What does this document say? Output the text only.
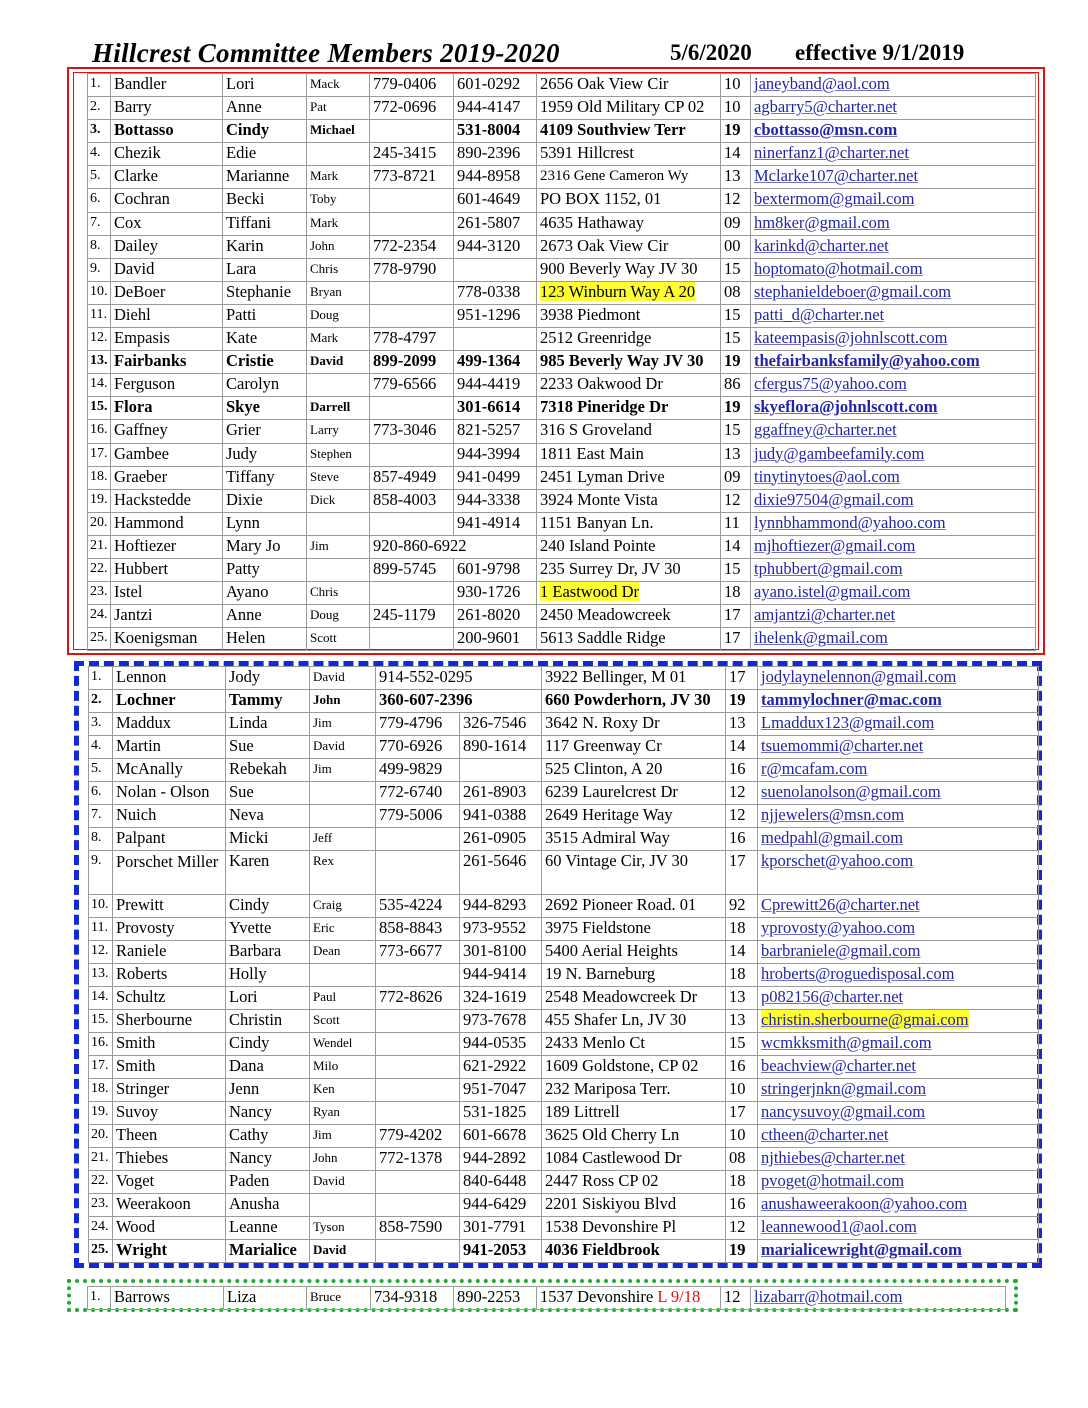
Hillcrest Committee Members 2019-2020	5/6/2020 effective 9/1/2019
1.	Bandler	Lori	Mack	779-0406	601-0292	2656 Oak View Cir	10	janeyband@aol.com
2.	Barry	Anne	Pat	772-0696	944-4147	1959 Old Military CP 02	10	agbarry5@charter.net
3.	Bottasso	Cindy	Michael		531-8004	4109 Southview Terr	19	cbottasso@msn.com
4.	Chezik	Edie		245-3415	890-2396	5391 Hillcrest	14	ninerfanz1@charter.net
5.	Clarke	Marianne	Mark	773-8721	944-8958	2316 Gene Cameron Wy	13	Mclarke107@charter.net
6.	Cochran	Becki	Toby		601-4649	PO BOX 1152, 01	12	bextermom@gmail.com
7.	Cox	Tiffani	Mark		261-5807	4635 Hathaway	09	hm8ker@gmail.com
8.	Dailey	Karin	John	772-2354	944-3120	2673 Oak View Cir	00	karinkd@charter.net
9.	David	Lara	Chris	778-9790		900 Beverly Way JV 30	15	hoptomato@hotmail.com
10.	DeBoer	Stephanie	Bryan		778-0338	123 Winburn Way A 20	08	stephanieldeboer@gmail.com
11.	Diehl	Patti	Doug		951-1296	3938 Piedmont	15	patti_d@charter.net
12.	Empasis	Kate	Mark	778-4797		2512 Greenridge	15	kateempasis@johnlscott.com
13.	Fairbanks	Cristie	David	899-2099	499-1364	985 Beverly Way JV 30	19	thefairbanksfamily@yahoo.com
14.	Ferguson	Carolyn		779-6566	944-4419	2233 Oakwood Dr	86	cfergus75@yahoo.com
15.	Flora	Skye	Darrell		301-6614	7318 Pineridge Dr	19	skyeflora@johnlscott.com
16.	Gaffney	Grier	Larry	773-3046	821-5257	316 S Groveland	15	ggaffney@charter.net
17.	Gambee	Judy	Stephen		944-3994	1811 East Main	13	judy@gambeefamily.com
18.	Graeber	Tiffany	Steve	857-4949	941-0499	2451 Lyman Drive	09	tinytinytoes@aol.com
19.	Hackstedde	Dixie	Dick	858-4003	944-3338	3924 Monte Vista	12	dixie97504@gmail.com
20.	Hammond	Lynn			941-4914	1151 Banyan Ln.	11	lynnbhammond@yahoo.com
21.	Hoftiezer	Mary Jo	Jim	920-860-6922		240 Island Pointe	14	mjhoftiezer@gmail.com
22.	Hubbert	Patty		899-5745	601-9798	235 Surrey Dr, JV 30	15	tphubbert@gmail.com
23.	Istel	Ayano	Chris		930-1726	1 Eastwood Dr	18	ayano.istel@gmail.com
24.	Jantzi	Anne	Doug	245-1179	261-8020	2450 Meadowcreek	17	amjantzi@charter.net
25.	Koenigsman	Helen	Scott		200-9601	5613 Saddle Ridge	17	ihelenk@gmail.com
1.	Lennon	Jody	David	914-552-0295		3922 Bellinger, M 01	17	jodylaynelennon@gmail.com
2.	Lochner	Tammy	John	360-607-2396		660 Powderhorn, JV 30	19	tammylochner@mac.com
3.	Maddux	Linda	Jim	779-4796	326-7546	3642 N. Roxy Dr	13	Lmaddux123@gmail.com
4.	Martin	Sue	David	770-6926	890-1614	117 Greenway Cr	14	tsuemommi@charter.net
5.	McAnally	Rebekah	Jim	499-9829		525 Clinton, A 20	16	r@mcafam.com
6.	Nolan - Olson	Sue		772-6740	261-8903	6239 Laurelcrest Dr	12	suenolanolson@gmail.com
7.	Nuich	Neva		779-5006	941-0388	2649 Heritage Way	12	njjewelers@msn.com
8.	Palpant	Micki	Jeff		261-0905	3515 Admiral Way	16	medpahl@gmail.com
9.	Porschet Miller	Karen	Rex		261-5646	60 Vintage Cir, JV 30	17	kporschet@yahoo.com
10.	Prewitt	Cindy	Craig	535-4224	944-8293	2692 Pioneer Road. 01	92	Cprewitt26@charter.net
11.	Provosty	Yvette	Eric	858-8843	973-9552	3975 Fieldstone	18	yprovosty@yahoo.com
12.	Raniele	Barbara	Dean	773-6677	301-8100	5400 Aerial Heights	14	barbraniele@gmail.com
13.	Roberts	Holly			944-9414	19 N. Barneburg	18	hroberts@roguedisposal.com
14.	Schultz	Lori	Paul	772-8626	324-1619	2548 Meadowcreek Dr	13	p082156@charter.net
15.	Sherbourne	Christin	Scott		973-7678	455 Shafer Ln, JV 30	13	christin.sherbourne@gmai.com
16.	Smith	Cindy	Wendel		944-0535	2433 Menlo Ct	15	wcmkksmith@gmail.com
17.	Smith	Dana	Milo		621-2922	1609 Goldstone, CP 02	16	beachview@charter.net
18.	Stringer	Jenn	Ken		951-7047	232 Mariposa Terr.	10	stringerjnkn@gmail.com
19.	Suvoy	Nancy	Ryan		531-1825	189 Littrell	17	nancysuvoy@gmail.com
20.	Theen	Cathy	Jim	779-4202	601-6678	3625 Old Cherry Ln	10	ctheen@charter.net
21.	Thiebes	Nancy	John	772-1378	944-2892	1084 Castlewood Dr	08	njthiebes@charter.net
22.	Voget	Paden	David		840-6448	2447 Ross CP 02	18	pvoget@hotmail.com
23.	Weerakoon	Anusha			944-6429	2201 Siskiyou Blvd	16	anushaweerakoon@yahoo.com
24.	Wood	Leanne	Tyson	858-7590	301-7791	1538 Devonshire Pl	12	leannewood1@aol.com
25.	Wright	Marialice	David		941-2053	4036 Fieldbrook	19	marialicewright@gmail.com
1.	Barrows	Liza	Bruce	734-9318	890-2253	1537 Devonshire L 9/18	12	lizabarr@hotmail.com
